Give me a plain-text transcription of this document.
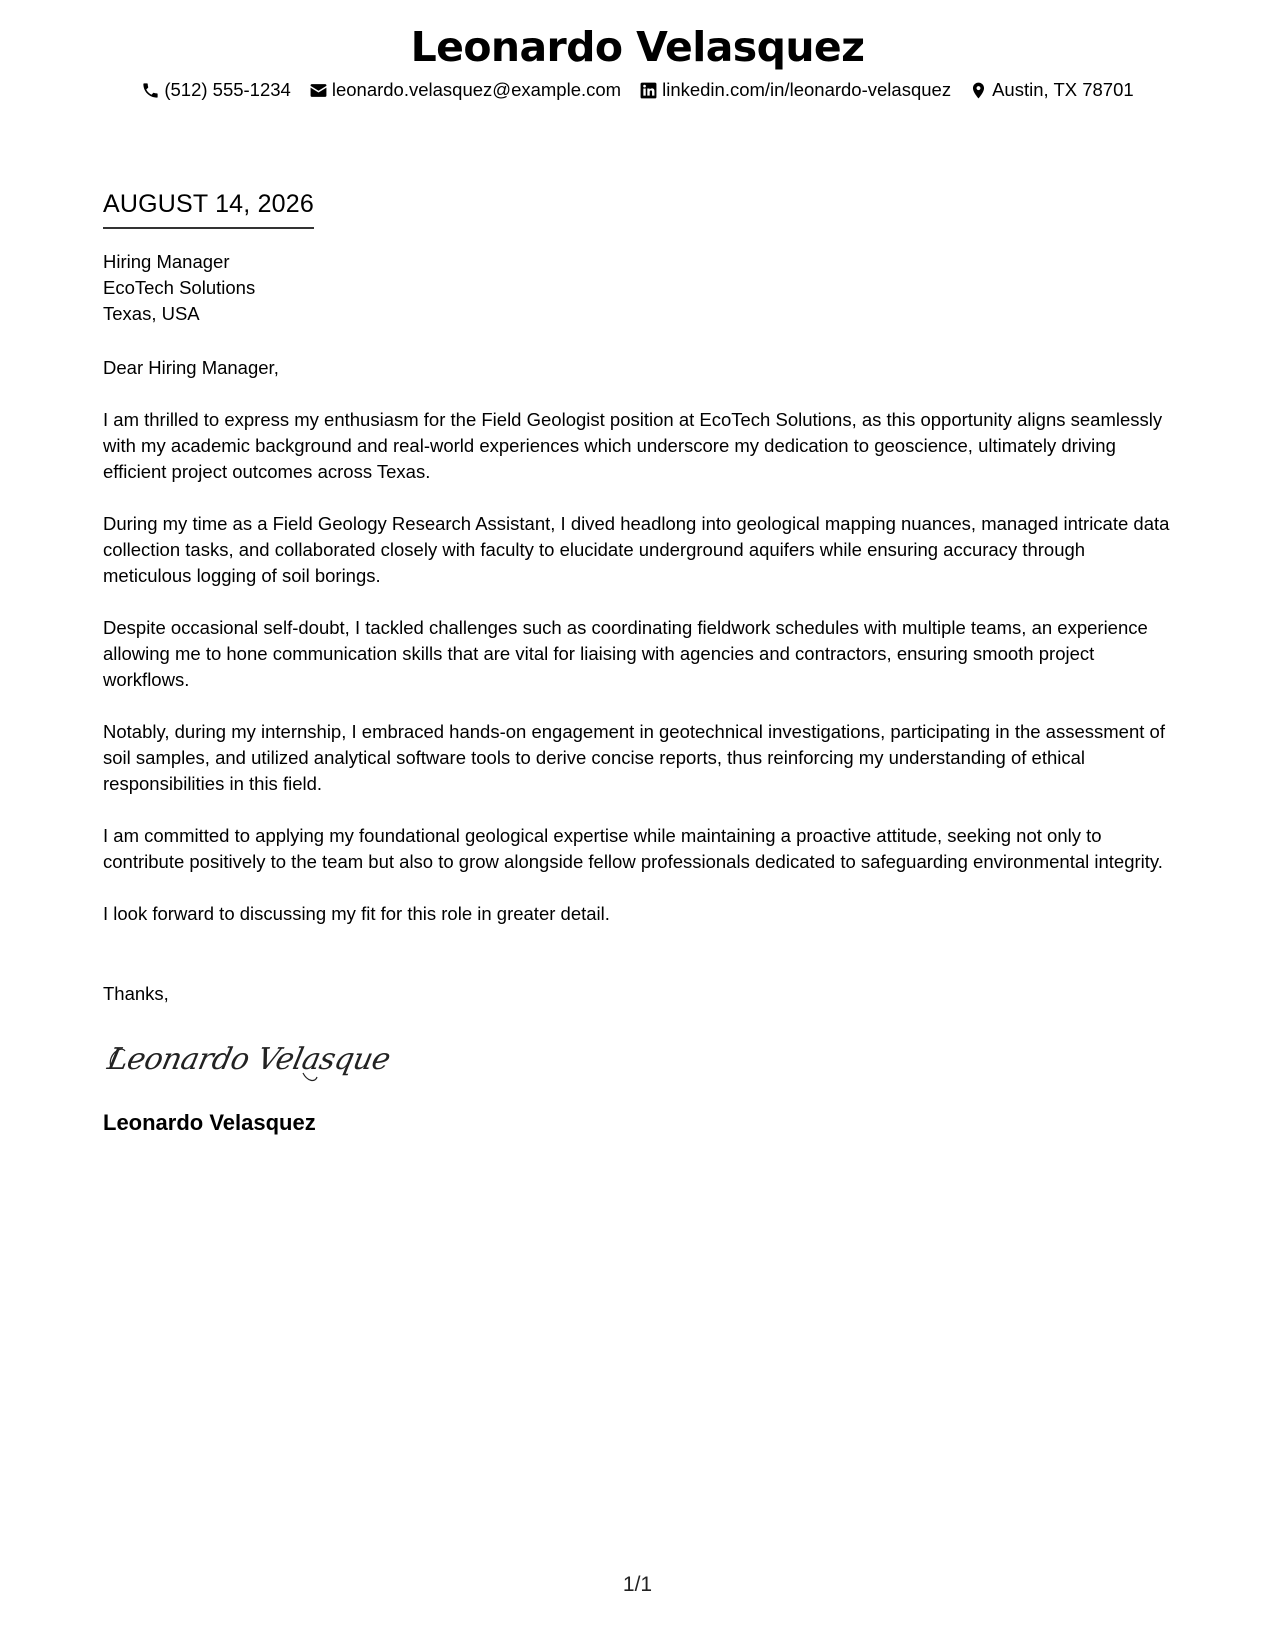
Leonardo Velasquez
(512) 555-1234 leonardo.velasquez@example.com linkedin.com/in/leonardo-velasquez Austin, TX 78701
AUGUST 14, 2026
Hiring Manager
EcoTech Solutions
Texas, USA
Dear Hiring Manager,

I am thrilled to express my enthusiasm for the Field Geologist position at EcoTech Solutions, as this opportunity aligns seamlessly with my academic background and real-world experiences which underscore my dedication to geoscience, ultimately driving efficient project outcomes across Texas.

During my time as a Field Geology Research Assistant, I dived headlong into geological mapping nuances, managed intricate data collection tasks, and collaborated closely with faculty to elucidate underground aquifers while ensuring accuracy through meticulous logging of soil borings.

Despite occasional self-doubt, I tackled challenges such as coordinating fieldwork schedules with multiple teams, an experience allowing me to hone communication skills that are vital for liaising with agencies and contractors, ensuring smooth project workflows.

Notably, during my internship, I embraced hands-on engagement in geotechnical investigations, participating in the assessment of soil samples, and utilized analytical software tools to derive concise reports, thus reinforcing my understanding of ethical responsibilities in this field.

I am committed to applying my foundational geological expertise while maintaining a proactive attitude, seeking not only to contribute positively to the team but also to grow alongside fellow professionals dedicated to safeguarding environmental integrity.

I look forward to discussing my fit for this role in greater detail.

Thanks,
Leonardo Velasque
Leonardo Velasquez
1/1
